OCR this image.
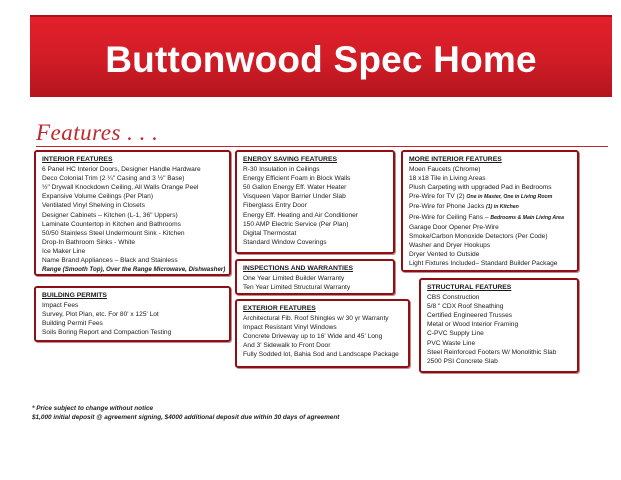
Buttonwood Spec Home
Features . . .
INTERIOR FEATURES
6 Panel HC Interior Doors, Designer Handle Hardware
Deco Colonial Trim (2 ¼" Casing and 3 ½" Base)
½" Drywall Knockdown Ceiling, All Walls Orange Peel
Expansive Volume Ceilings (Per Plan)
Ventilated Vinyl Shelving in Closets
Designer Cabinets – Kitchen (L-1, 36" Uppers)
Laminate Countertop in Kitchen and Bathrooms
50/50 Stainless Steel Undermount Sink - Kitchen
Drop-In Bathroom Sinks - White
Ice Maker Line
Name Brand Appliances – Black and Stainless
Range (Smooth Top), Over the Range Microwave, Dishwasher)
ENERGY SAVING FEATURES
R-30 Insulation in Ceilings
Energy Efficient Foam in Block Walls
50 Gallon Energy Eff. Water Heater
Visqueen Vapor Barrier Under Slab
Fiberglass Entry Door
Energy Eff. Heating and Air Conditioner
150 AMP Electric Service (Per Plan)
Digital Thermostat
Standard Window Coverings
MORE INTERIOR FEATURES
Moen Faucets (Chrome)
18 x18 Tile in Living Areas
Plush Carpeting with upgraded Pad in Bedrooms
Pre-Wire for TV (2) One in Master, One in Living Room
Pre-Wire for Phone Jacks (1) in Kitchen
Pre-Wire for Ceiling Fans – Bedrooms & Main Living Area
Garage Door Opener Pre-Wire
Smoke/Carbon Monoxide Detectors (Per Code)
Washer and Dryer Hookups
Dryer Vented to Outside
Light Fixtures Included– Standard Builder Package
INSPECTIONS AND WARRANTIES
One Year Limited Builder Warranty
Ten Year Limited Structural Warranty
BUILDING PERMITS
Impact Fees
Survey, Plot Plan, etc. For 80' x 125' Lot
Building Permit Fees
Soils Boring Report and Compaction Testing
EXTERIOR FEATURES
Architectural Fib. Roof Shingles w/ 30 yr Warranty
Impact Resistant Vinyl Windows
Concrete Driveway up to 16' Wide and 45' Long
And 3' Sidewalk to Front Door
Fully Sodded lot, Bahia Sod and Landscape Package
STRUCTURAL FEATURES
CBS Construction
5/8 " CDX Roof Sheathing
Certified Engineered Trusses
Metal or Wood Interior Framing
C-PVC Supply Line
PVC Waste Line
Steel Reinforced Footers W/ Monolithic Slab
2500 PSI Concrete Slab
* Price subject to change without notice
$1,000 initial deposit @ agreement signing, $4000 additional deposit due within 30 days of agreement
